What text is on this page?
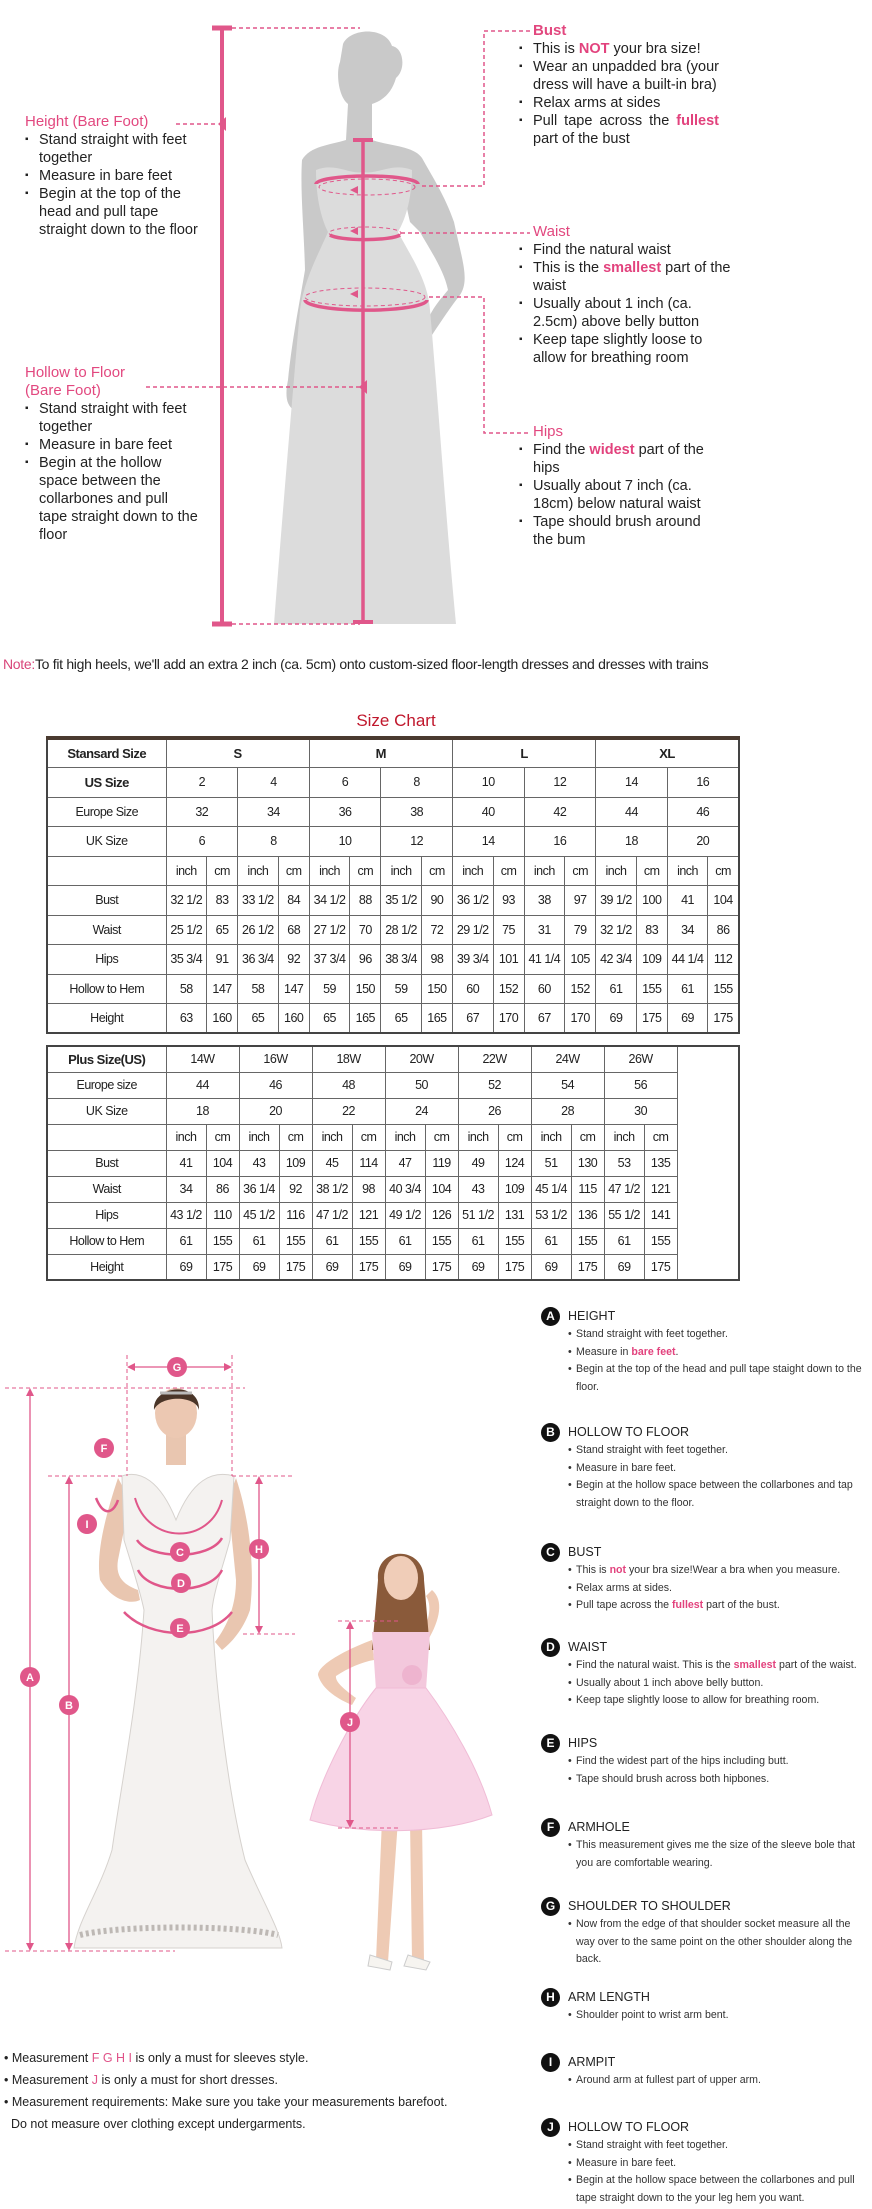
Height (Bare Foot)
▪ Stand straight with feet together
▪ Measure in bare feet
▪ Begin at the top of the head and pull tape straight down to the floor
Hollow to Floor (Bare Foot)
▪ Stand straight with feet together
▪ Measure in bare feet
▪ Begin at the hollow space between the collarbones and pull tape straight down to the floor
Bust
▪ This is NOT your bra size!
▪ Wear an unpadded bra (your dress will have a built-in bra)
▪ Relax arms at sides
▪ Pull tape across the fullest part of the bust
Waist
▪ Find the natural waist
▪ This is the smallest part of the waist
▪ Usually about 1 inch (ca. 2.5cm) above belly button
▪ Keep tape slightly loose to allow for breathing room
Hips
▪ Find the widest part of the hips
▪ Usually about 7 inch (ca. 18cm) below natural waist
▪ Tape should brush around the bum
Note:To fit high heels, we'll add an extra 2 inch (ca. 5cm) onto custom-sized floor-length dresses and dresses with trains
Size Chart
Stansard Size	S				M				L				XL			
US Size	2		4		6		8		10		12		14		16	
Europe Size	32		34		36		38		40		42		44		46	
UK Size	6		8		10		12		14		16		18		20	
	inch	cm	inch	cm	inch	cm	inch	cm	inch	cm	inch	cm	inch	cm	inch	cm
Bust	32 1/2	83	33 1/2	84	34 1/2	88	35 1/2	90	36 1/2	93	38	97	39 1/2	100	41	104
Waist	25 1/2	65	26 1/2	68	27 1/2	70	28 1/2	72	29 1/2	75	31	79	32 1/2	83	34	86
Hips	35 3/4	91	36 3/4	92	37 3/4	96	38 3/4	98	39 3/4	101	41 1/4	105	42 3/4	109	44 1/4	112
Hollow to Hem	58	147	58	147	59	150	59	150	60	152	60	152	61	155	61	155
Height	63	160	65	160	65	165	65	165	67	170	67	170	69	175	69	175
Plus Size(US)	14W		16W		18W		20W		22W		24W		26W		
Europe size	44		46		48		50		52		54		56		
UK Size	18		20		22		24		26		28		30		
	inch	cm	inch	cm	inch	cm	inch	cm	inch	cm	inch	cm	inch	cm	
Bust	41	104	43	109	45	114	47	119	49	124	51	130	53	135	
Waist	34	86	36 1/4	92	38 1/2	98	40 3/4	104	43	109	45 1/4	115	47 1/2	121	
Hips	43 1/2	110	45 1/2	116	47 1/2	121	49 1/2	126	51 1/2	131	53 1/2	136	55 1/2	141	
Hollow to Hem	61	155	61	155	61	155	61	155	61	155	61	155	61	155	
Height	69	175	69	175	69	175	69	175	69	175	69	175	69	175	
G
F
I
C	H
D
E
A
B
J
A	HEIGHT
• Stand straight with feet together.
• Measure in bare feet.
• Begin at the top of the head and pull tape staight down to the floor.
B	HOLLOW TO FLOOR
• Stand straight with feet together.
• Measure in bare feet.
• Begin at the hollow space between the collarbones and tap straight down to the floor.
C	BUST
• This is not your bra size!Wear a bra when you measure.
• Relax arms at sides.
• Pull tape across the fullest part of the bust.
D	WAIST
• Find the natural waist. This is the smallest part of the waist.
• Usually about 1 inch above belly button.
• Keep tape slightly loose to allow for breathing room.
E	HIPS
• Find the widest part of the hips including butt.
• Tape should brush across both hipbones.
F	ARMHOLE
• This measurement gives me the size of the sleeve bole that you are comfortable wearing.
G	SHOULDER TO SHOULDER
• Now from the edge of that shoulder socket measure all the way over to the same point on the other shoulder along the back.
H	ARM LENGTH
• Shoulder point to wrist arm bent.
I	ARMPIT
• Around arm at fullest part of upper arm.
J	HOLLOW TO FLOOR
• Stand straight with feet together.
• Measure in bare feet.
• Begin at the hollow space between the collarbones and pull tape straight down to the your leg hem you want.
• Measurement F G H I is only a must for sleeves style.
• Measurement J is only a must for short dresses.
• Measurement requirements: Make sure you take your measurements barefoot.
Do not measure over clothing except undergarments.
